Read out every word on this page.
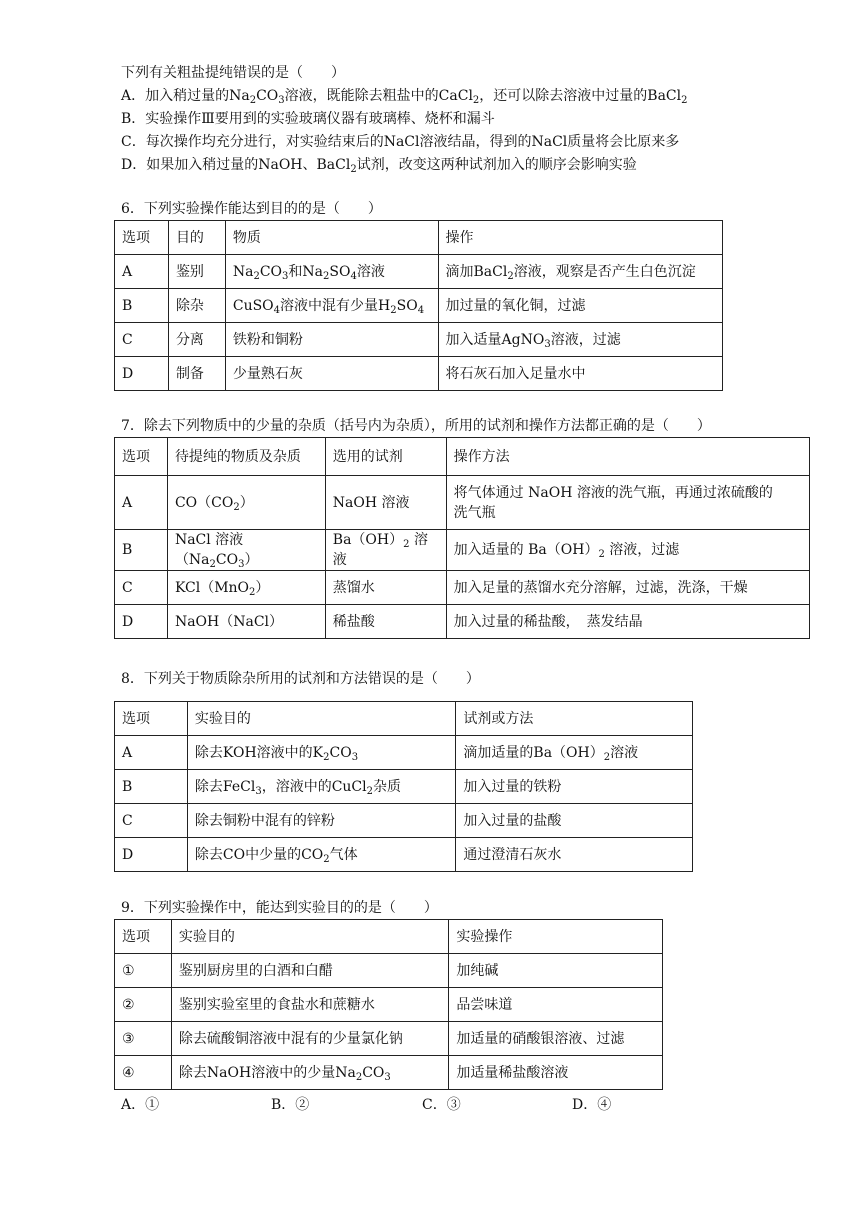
下列有关粗盐提纯错误的是（　　）
A．加入稍过量的$Na_2CO_3$溶液，既能除去粗盐中的CaCl$_2$，还可以除去溶液中过量的BaCl$_2$
B．实验操作Ⅲ要用到的实验玻璃仪器有玻璃棒、烧杯和漏斗
C．每次操作均充分进行，对实验结束后的NaCl溶液结晶，得到的NaCl质量将会比原来多
D．如果加入稍过量的NaOH、BaCl$_2$试剂，改变这两种试剂加入的顺序会影响实验
6．下列实验操作能达到目的的是（　　）
选项	目的	物质	操作
A	鉴别	$Na_2CO_3$和$Na_2SO_4$溶液	滴加BaCl$_2$溶液，观察是否产生白色沉淀
B	除杂	CuSO$_4$溶液中混有少量$H_2SO_4$	加过量的氧化铜，过滤
C	分离	铁粉和铜粉	加入适量AgNO$_3$溶液，过滤
D	制备	少量熟石灰	将石灰石加入足量水中
7．除去下列物质中的少量的杂质（括号内为杂质），所用的试剂和操作方法都正确的是（　　）
选项	待提纯的物质及杂质	选用的试剂	操作方法
A	$CO(CO_2)$	NaOH 溶液	将气体通过 NaOH 溶液的洗气瓶，再通过浓硫酸的
洗气瓶

B	NaCl 溶液$(Na_2CO_3)$	$Ba(OH)_2$ 溶液	加入适量的 $Ba(OH)_2$ 溶液，过滤
C	KCl（MnO$_2$）	蒸馏水	加入足量的蒸馏水充分溶解，过滤，洗涤，干燥
D	NaOH（NaCl）	稀盐酸	加入过量的稀盐酸，　蒸发结晶
8．下列关于物质除杂所用的试剂和方法错误的是（　　）
选项	实验目的	试剂或方法
A	除去KOH溶液中的$K_2CO_3$	滴加适量的$Ba(OH)_2$溶液
B	除去FeCl$_3$，溶液中的CuCl$_2$杂质	加入过量的铁粉
C	除去铜粉中混有的锌粉	加入过量的盐酸
D	除去CO中少量的$CO_2$气体	通过澄清石灰水
9．下列实验操作中，能达到实验目的的是（　　）
选项	实验目的	实验操作
①	鉴别厨房里的白酒和白醋	加纯碱
②	鉴别实验室里的食盐水和蔗糖水	品尝味道
③	除去硫酸铜溶液中混有的少量氯化钠	加适量的硝酸银溶液、过滤
④	除去NaOH溶液中的少量$Na_2CO_3$	加适量稀盐酸溶液
A．①	B．②	C．③	D．④
